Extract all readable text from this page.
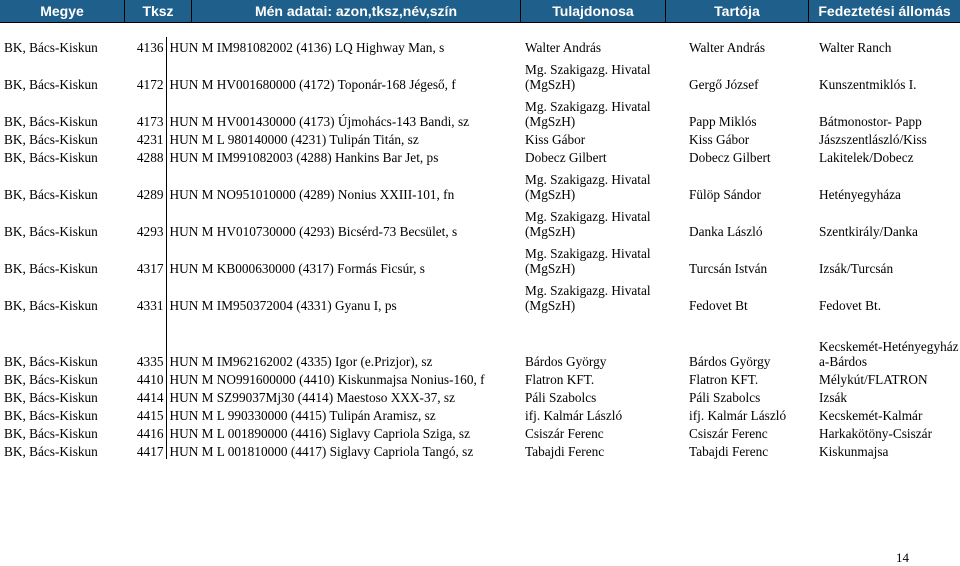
Megye	Tksz	Mén adatai: azon,tksz,név,szín	Tulajdonosa	Tartója	Fedeztetési állomás
BK, Bács-Kiskun	4136	HUN M IM981082002 (4136) LQ Highway Man, s	Walter András	Walter András	Walter Ranch
BK, Bács-Kiskun	4172	HUN M HV001680000 (4172) Toponár-168 Jégeső, f	Mg. Szakigazg. Hivatal (MgSzH)	Gergő József	Kunszentmiklós I.
BK, Bács-Kiskun	4173	HUN M HV001430000 (4173) Újmohács-143 Bandi, sz	Mg. Szakigazg. Hivatal (MgSzH)	Papp Miklós	Bátmonostor- Papp
BK, Bács-Kiskun	4231	HUN M L 980140000 (4231) Tulipán Titán, sz	Kiss Gábor	Kiss Gábor	Jászszentlászló/Kiss
BK, Bács-Kiskun	4288	HUN M IM991082003 (4288) Hankins Bar Jet, ps	Dobecz Gilbert	Dobecz Gilbert	Lakitelek/Dobecz
BK, Bács-Kiskun	4289	HUN M NO951010000 (4289) Nonius XXIII-101, fn	Mg. Szakigazg. Hivatal (MgSzH)	Fülöp Sándor	Hetényegyháza
BK, Bács-Kiskun	4293	HUN M HV010730000 (4293) Bicsérd-73 Becsület, s	Mg. Szakigazg. Hivatal (MgSzH)	Danka László	Szentkirály/Danka
BK, Bács-Kiskun	4317	HUN M KB000630000 (4317) Formás Ficsúr, s	Mg. Szakigazg. Hivatal (MgSzH)	Turcsán István	Izsák/Turcsán
BK, Bács-Kiskun	4331	HUN M IM950372004 (4331) Gyanu I, ps	Mg. Szakigazg. Hivatal (MgSzH)	Fedovet Bt	Fedovet Bt.
BK, Bács-Kiskun	4335	HUN M IM962162002 (4335) Igor (e.Prizjor), sz	Bárdos György	Bárdos György	Kecskemét-Hetényegyháza-Bárdos
BK, Bács-Kiskun	4410	HUN M NO991600000 (4410) Kiskunmajsa Nonius-160, f	Flatron KFT.	Flatron KFT.	Mélykút/FLATRON
BK, Bács-Kiskun	4414	HUN M SZ99037Mj30 (4414) Maestoso XXX-37, sz	Páli Szabolcs	Páli Szabolcs	Izsák
BK, Bács-Kiskun	4415	HUN M L 990330000 (4415) Tulipán Aramisz, sz	ifj. Kalmár László	ifj. Kalmár László	Kecskemét-Kalmár
BK, Bács-Kiskun	4416	HUN M L 001890000 (4416) Siglavy Capriola Sziga, sz	Csiszár Ferenc	Csiszár Ferenc	Harkakötöny-Csiszár
BK, Bács-Kiskun	4417	HUN M L 001810000 (4417) Siglavy Capriola Tangó, sz	Tabajdi Ferenc	Tabajdi Ferenc	Kiskunmajsa
14
